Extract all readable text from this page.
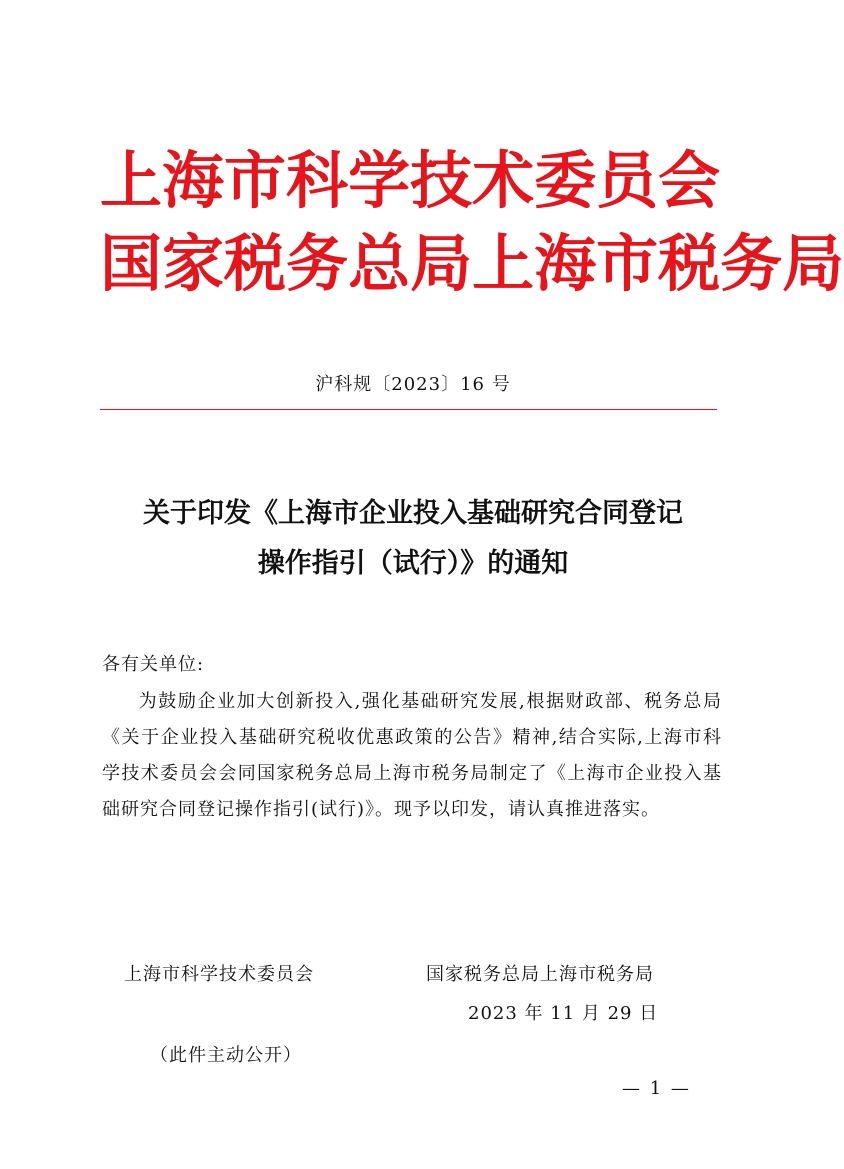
上 海 市 科 学 技 术 委 员 会
国 家 税 务 总 局 上 海 市 税 务 局
沪科规〔2023〕16 号
关于印发《上海市企业投入基础研究合同登记
操作指引（试行）》的通知
各有关单位:
为鼓励企业加大创新投入,强化基础研究发展,根据财政部、税务总局《关于企业投入基础研究税收优惠政策的公告》精神,结合实际,上海市科学技术委员会会同国家税务总局上海市税务局制定了《上海市企业投入基础研究合同登记操作指引(试行)》。现予以印发，请认真推进落实。
上海市科学技术委员会	国家税务总局上海市税务局
2023 年 11 月 29 日
（此件主动公开）
— 1 —
